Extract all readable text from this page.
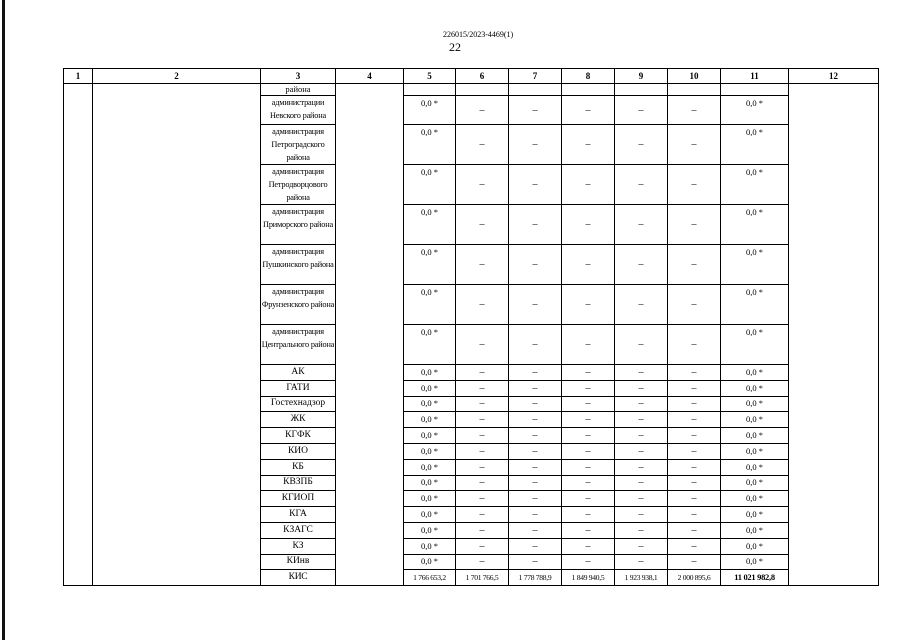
226015/2023-4469(1)
22
1	2	3	4	5	6	7	8	9	10	11	12
		района									
		администрации Невского района		0,0 *	–	–	–	–	–	0,0 *	
		администрация Петроградского района		0,0 *	–	–	–	–	–	0,0 *	
		администрация Петродворцового района		0,0 *	–	–	–	–	–	0,0 *	
		администрация Приморского района		0,0 *	–	–	–	–	–	0,0 *	
		администрация Пушкинского района		0,0 *	–	–	–	–	–	0,0 *	
		администрация Фрунзенского района		0,0 *	–	–	–	–	–	0,0 *	
		администрация Центрального района		0,0 *	–	–	–	–	–	0,0 *	
		АК		0,0 *	–	–	–	–	–	0,0 *	
		ГАТИ		0,0 *	–	–	–	–	–	0,0 *	
		Гостехнадзор		0,0 *	–	–	–	–	–	0,0 *	
		ЖК		0,0 *	–	–	–	–	–	0,0 *	
		КГФК		0,0 *	–	–	–	–	–	0,0 *	
		КИО		0,0 *	–	–	–	–	–	0,0 *	
		КБ		0,0 *	–	–	–	–	–	0,0 *	
		КВЗПБ		0,0 *	–	–	–	–	–	0,0 *	
		КГИОП		0,0 *	–	–	–	–	–	0,0 *	
		КГА		0,0 *	–	–	–	–	–	0,0 *	
		КЗАГС		0,0 *	–	–	–	–	–	0,0 *	
		КЗ		0,0 *	–	–	–	–	–	0,0 *	
		КИнв		0,0 *	–	–	–	–	–	0,0 *	
		КИС		1 766 653,2	1 701 766,5	1 778 788,9	1 849 940,5	1 923 938,1	2 000 895,6	11 021 982,8	
